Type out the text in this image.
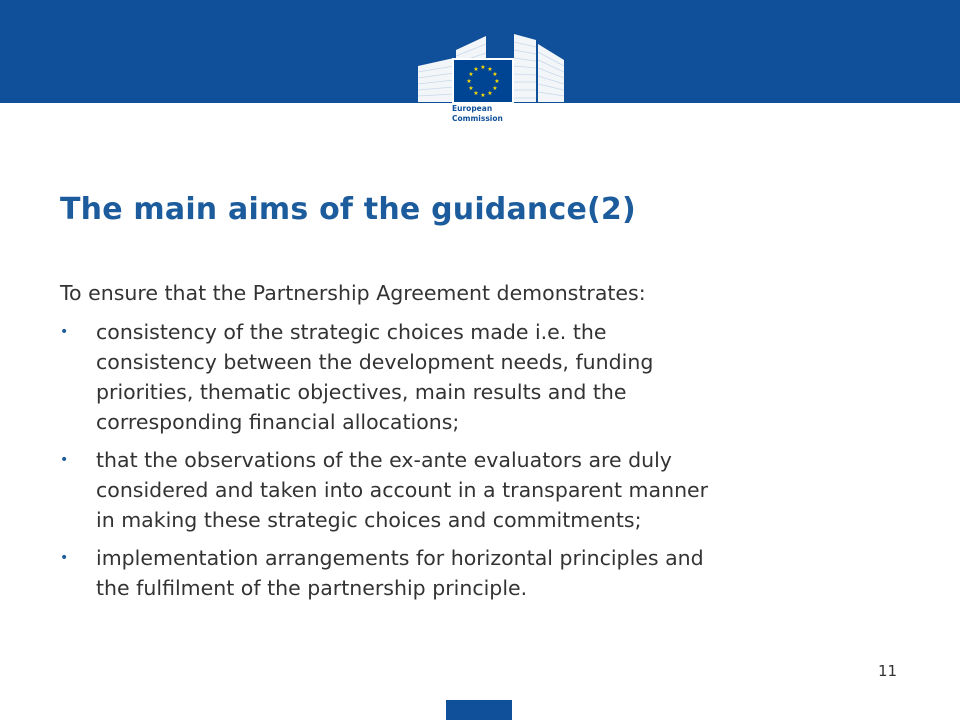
★ ★
★
★
★
★
★
★
★
★
★
★
European
Commission
The main aims of the guidance(2)

To ensure that the Partnership Agreement demonstrates:

• consistency of the strategic choices made i.e. the
consistency between the development needs, funding
priorities, thematic objectives, main results and the
corresponding financial allocations;
• that the observations of the ex-ante evaluators are duly
considered and taken into account in a transparent manner
in making these strategic choices and commitments;
• implementation arrangements for horizontal principles and
the fulfilment of the partnership principle.
11
